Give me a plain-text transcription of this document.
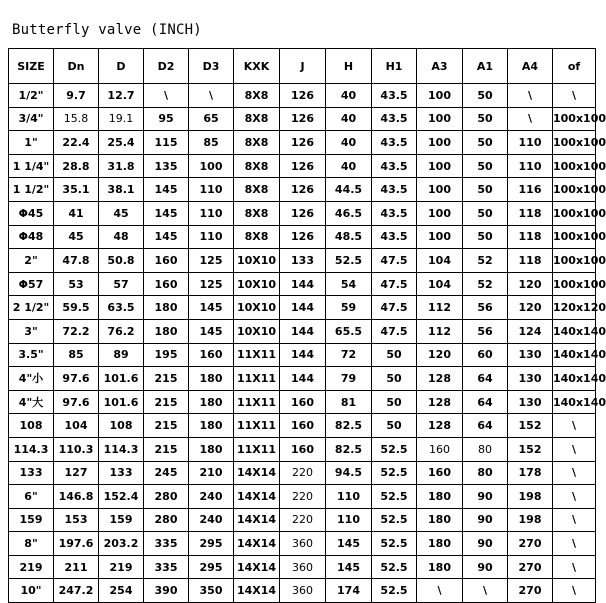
Butterfly valve (INCH)
SIZE	Dn	D	D2	D3	KXK	J	H	H1	A3	A1	A4	of
1/2"	9.7	12.7	\	\	8X8	126	40	43.5	100	50	\	\
3/4"	15.8	19.1	95	65	8X8	126	40	43.5	100	50	\	100x100
1"	22.4	25.4	115	85	8X8	126	40	43.5	100	50	110	100x100
1 1/4"	28.8	31.8	135	100	8X8	126	40	43.5	100	50	110	100x100
1 1/2"	35.1	38.1	145	110	8X8	126	44.5	43.5	100	50	116	100x100
Φ45	41	45	145	110	8X8	126	46.5	43.5	100	50	118	100x100
Φ48	45	48	145	110	8X8	126	48.5	43.5	100	50	118	100x100
2"	47.8	50.8	160	125	10X10	133	52.5	47.5	104	52	118	100x100
Φ57	53	57	160	125	10X10	144	54	47.5	104	52	120	100x100
2 1/2"	59.5	63.5	180	145	10X10	144	59	47.5	112	56	120	120x120
3"	72.2	76.2	180	145	10X10	144	65.5	47.5	112	56	124	140x140
3.5"	85	89	195	160	11X11	144	72	50	120	60	130	140x140
4"小	97.6	101.6	215	180	11X11	144	79	50	128	64	130	140x140
4"大	97.6	101.6	215	180	11X11	160	81	50	128	64	130	140x140
108	104	108	215	180	11X11	160	82.5	50	128	64	152	\
114.3	110.3	114.3	215	180	11X11	160	82.5	52.5	160	80	152	\
133	127	133	245	210	14X14	220	94.5	52.5	160	80	178	\
6"	146.8	152.4	280	240	14X14	220	110	52.5	180	90	198	\
159	153	159	280	240	14X14	220	110	52.5	180	90	198	\
8"	197.6	203.2	335	295	14X14	360	145	52.5	180	90	270	\
219	211	219	335	295	14X14	360	145	52.5	180	90	270	\
10"	247.2	254	390	350	14X14	360	174	52.5	\	\	270	\
